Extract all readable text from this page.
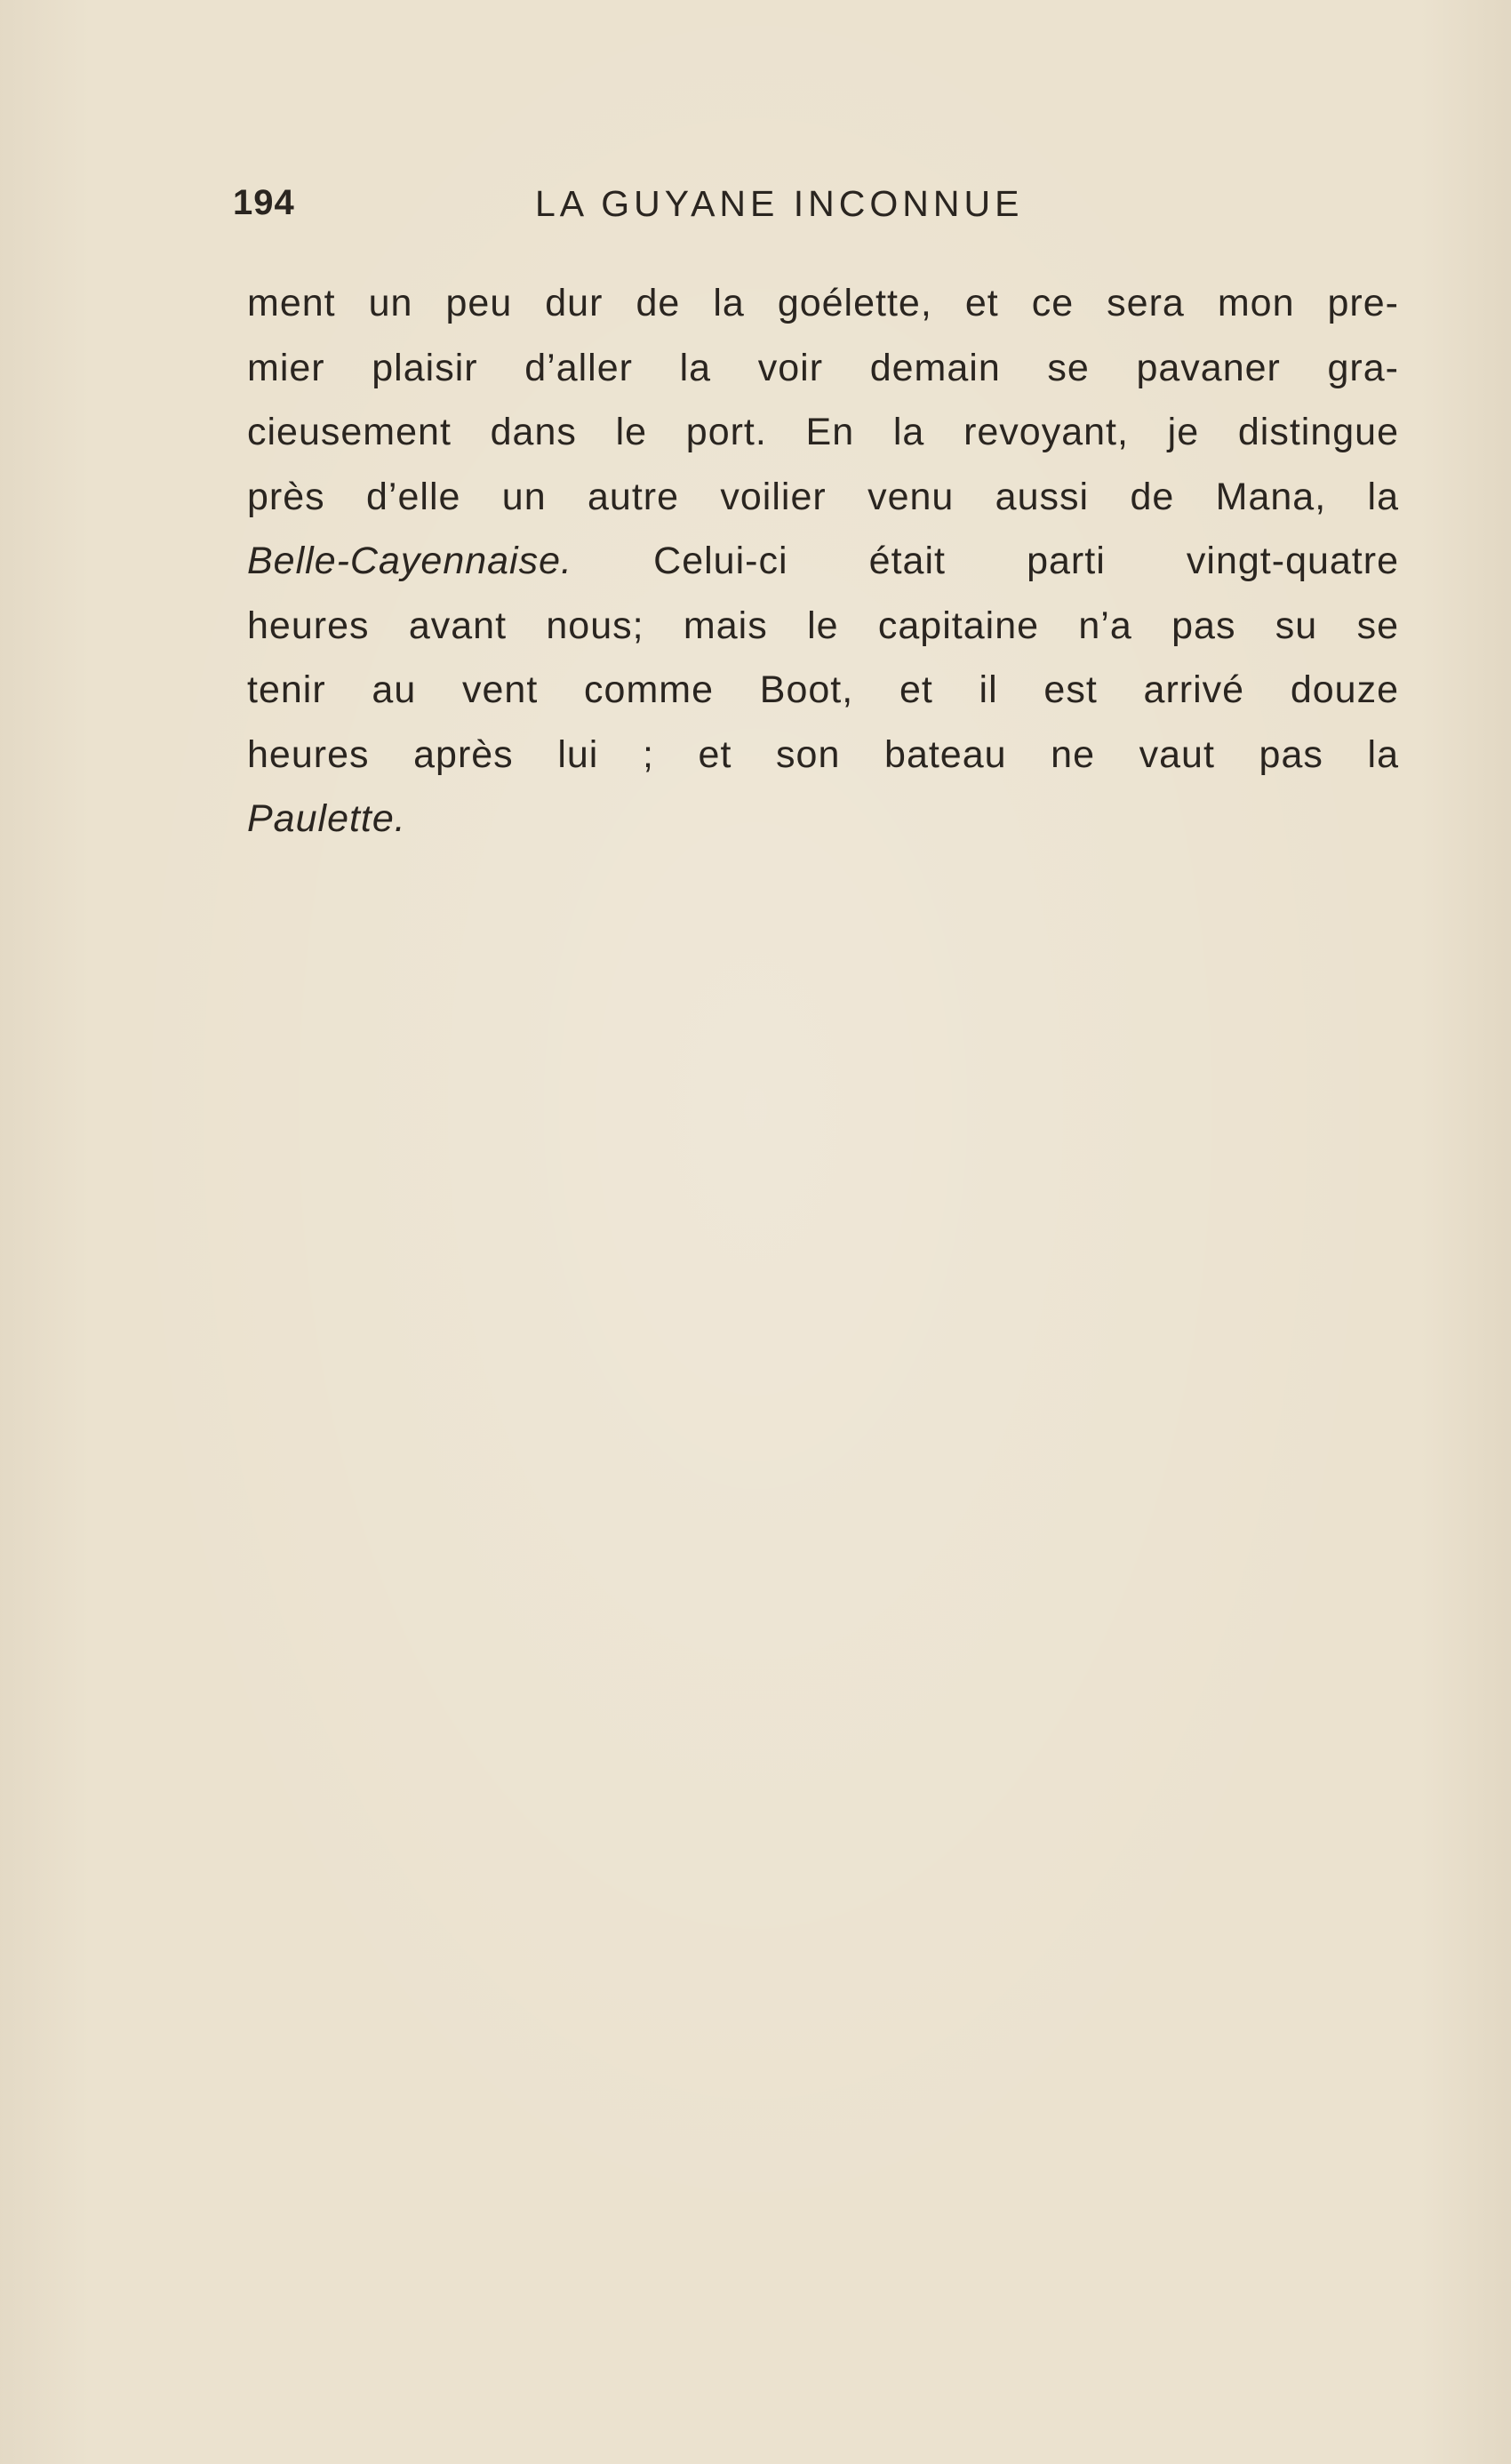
194	LA GUYANE INCONNUE
ment un peu dur de la goélette, et ce sera mon pre-
mier plaisir d’aller la voir demain se pavaner gra-
cieusement dans le port. En la revoyant, je distingue
près d’elle un autre voilier venu aussi de Mana, la
Belle-Cayennaise. Celui-ci était parti vingt-quatre
heures avant nous; mais le capitaine n’a pas su se
tenir au vent comme Boot, et il est arrivé douze
heures après lui ; et son bateau ne vaut pas la
Paulette.
